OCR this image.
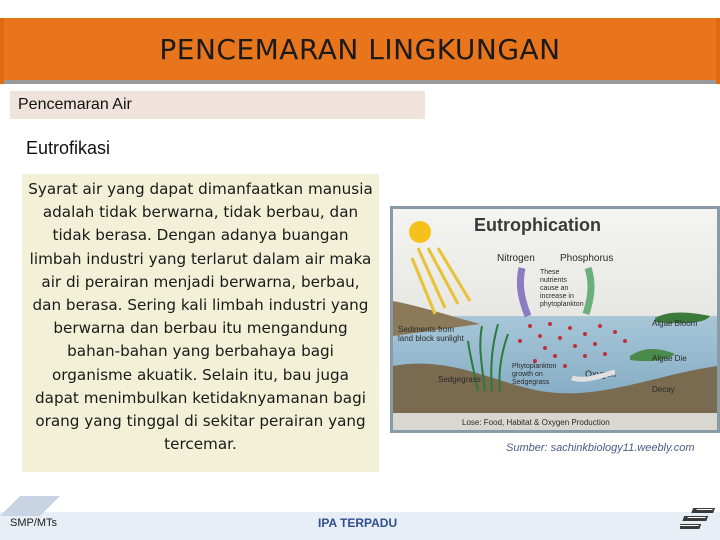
PENCEMARAN LINGKUNGAN
Pencemaran Air
Eutrofikasi

Syarat air yang dapat dimanfaatkan manusia adalah tidak berwarna, tidak berbau, dan tidak berasa. Dengan adanya buangan limbah industri yang terlarut dalam air maka air di perairan menjadi berwarna, berbau, dan berasa. Sering kali limbah industri yang berwarna dan berbau itu mengandung bahan-bahan yang berbahaya bagi organisme akuatik. Selain itu, bau juga dapat menimbulkan ketidaknyamanan bagi orang yang tinggal di sekitar perairan yang tercemar.

Eutrophication
Nitrogen	Phosphorus
These
nutrients
cause an
increase in
phytoplankton
Sediments from
land block sunlight
Algae Bloom
Algae Die
Sedgegrass
Phytoplankton
growth on
Sedgegrass
Oxygen
Decay
Lose: Food, Habitat & Oxygen Production
Sumber: sachinkbiology11.weebly.com
SMP/MTs	IPA TERPADU
